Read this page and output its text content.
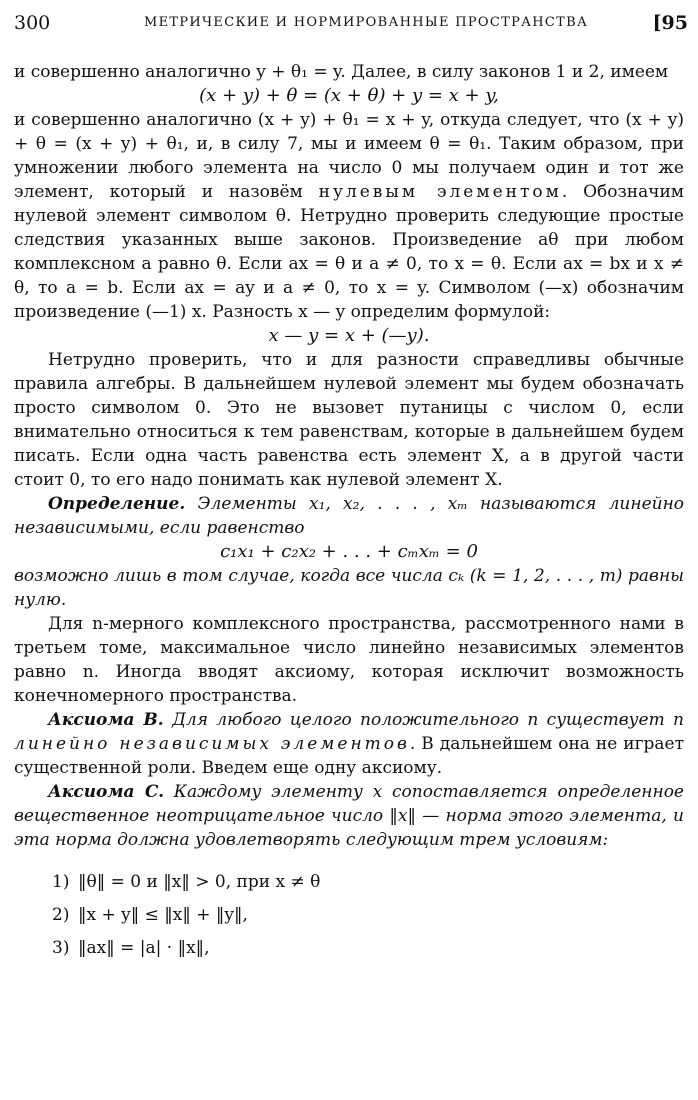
300	МЕТРИЧЕСКИЕ И НОРМИРОВАННЫЕ ПРОСТРАНСТВА	[95

и совершенно аналогично y + θ₁ = y. Далее, в силу законов 1 и 2, имеем

(x + y) + θ = (x + θ) + y = x + y,

и совершенно аналогично (x + y) + θ₁ = x + y, откуда следует, что (x + y) + θ = (x + y) + θ₁, и, в силу 7, мы и имеем θ = θ₁. Таким образом, при умножении любого элемента на число 0 мы получаем один и тот же элемент, который и назовём нулевым элементом. Обозначим нулевой элемент символом θ. Нетрудно проверить следующие простые следствия указанных выше законов. Произведение aθ при любом комплексном a равно θ. Если ax = θ и a ≠ 0, то x = θ. Если ax = bx и x ≠ θ, то a = b. Если ax = ay и a ≠ 0, то x = y. Символом (—x) обозначим произведение (—1) x. Разность x — y определим формулой:

x — y = x + (—y).

Нетрудно проверить, что и для разности справедливы обычные правила алгебры. В дальнейшем нулевой элемент мы будем обозначать просто символом 0. Это не вызовет путаницы с числом 0, если внимательно относиться к тем равенствам, которые в дальнейшем будем писать. Если одна часть равенства есть элемент X, а в другой части стоит 0, то его надо понимать как нулевой элемент X.

Определение. Элементы x₁, x₂, . . . , xₘ называются линейно независимыми, если равенство

c₁x₁ + c₂x₂ + . . . + cₘxₘ = 0

возможно лишь в том случае, когда все числа cₖ (k = 1, 2, . . . , m) равны нулю.

Для n-мерного комплексного пространства, рассмотренного нами в третьем томе, максимальное число линейно независимых элементов равно n. Иногда вводят аксиому, которая исключит возможность конечномерного пространства.

Аксиома B. Для любого целого положительного n существует n линейно независимых элементов. В дальнейшем она не играет существенной роли. Введем еще одну аксиому.

Аксиома C. Каждому элементу x сопоставляется определенное вещественное неотрицательное число ‖x‖ — норма этого элемента, и эта норма должна удовлетворять следующим трем условиям:

1) ‖θ‖ = 0 и ‖x‖ > 0, при x ≠ θ
2) ‖x + y‖ ≤ ‖x‖ + ‖y‖,
3) ‖ax‖ = |a| · ‖x‖,
